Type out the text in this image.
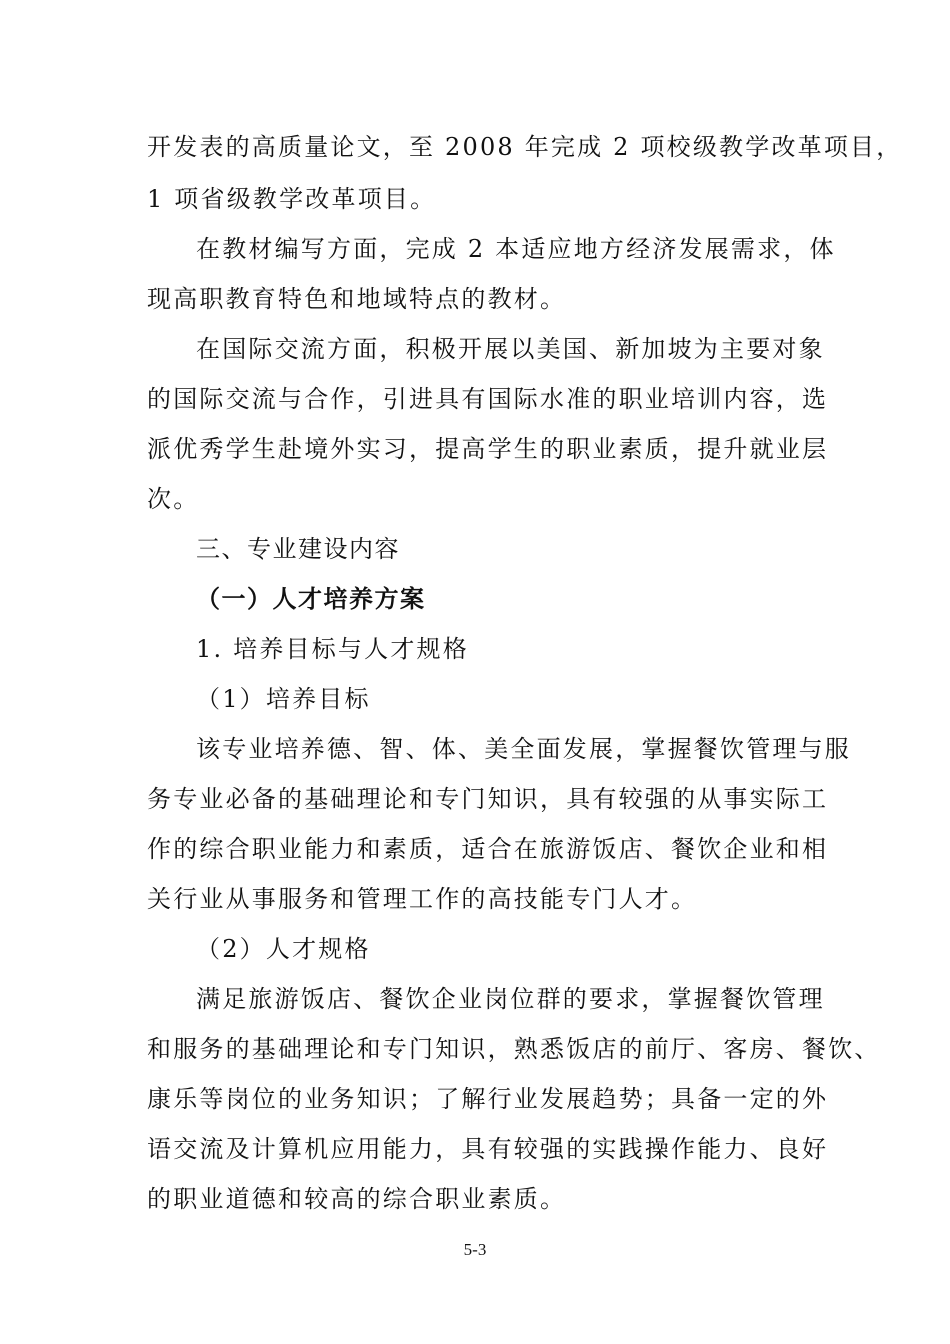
开发表的高质量论文，至 2008 年完成 2 项校级教学改革项目，
1 项省级教学改革项目。
在教材编写方面，完成 2 本适应地方经济发展需求，体
现高职教育特色和地域特点的教材。
在国际交流方面，积极开展以美国、新加坡为主要对象
的国际交流与合作，引进具有国际水准的职业培训内容，选
派优秀学生赴境外实习，提高学生的职业素质，提升就业层
次。
三、专业建设内容
（一）人才培养方案
1. 培养目标与人才规格
（1）培养目标
该专业培养德、智、体、美全面发展，掌握餐饮管理与服
务专业必备的基础理论和专门知识，具有较强的从事实际工
作的综合职业能力和素质，适合在旅游饭店、餐饮企业和相
关行业从事服务和管理工作的高技能专门人才。
（2）人才规格
满足旅游饭店、餐饮企业岗位群的要求，掌握餐饮管理
和服务的基础理论和专门知识，熟悉饭店的前厅、客房、餐饮、
康乐等岗位的业务知识；了解行业发展趋势；具备一定的外
语交流及计算机应用能力，具有较强的实践操作能力、良好
的职业道德和较高的综合职业素质。
5-3
